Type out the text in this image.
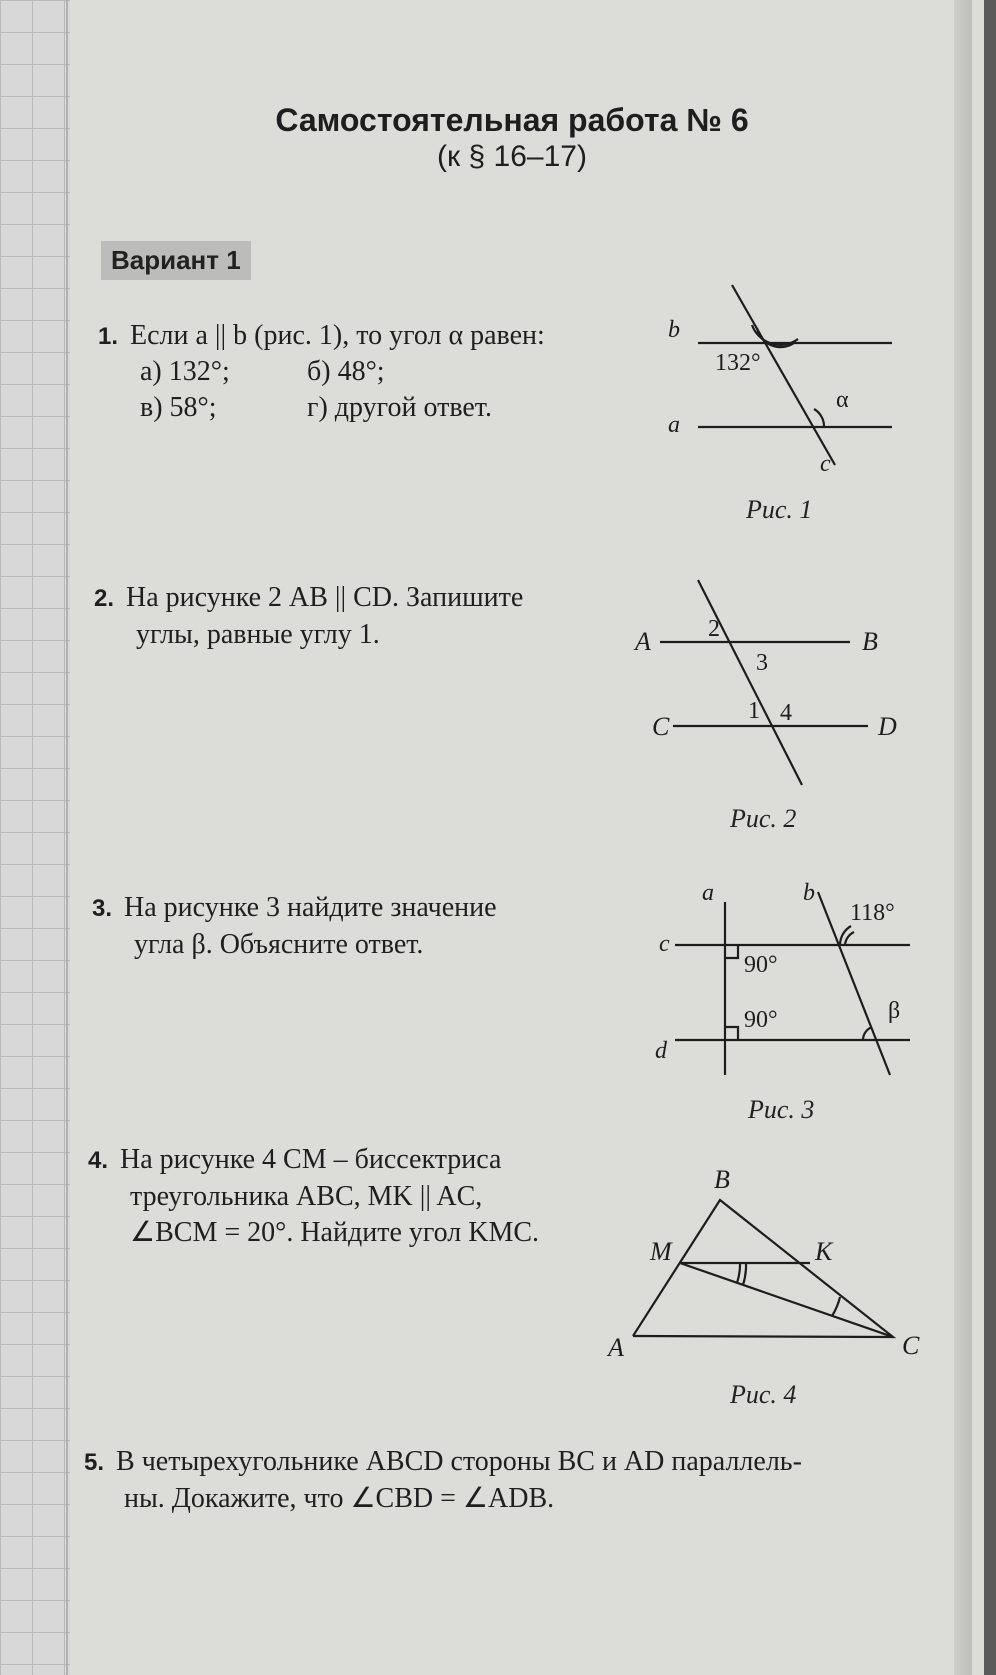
Самостоятельная работа № 6
(к § 16–17)
Вариант 1
1. Если a || b (рис. 1), то угол α равен:
а) 132°;	б) 48°;
в) 58°;	г) другой ответ.
b
a
132°
α
c
Рис. 1
2. На рисунке 2 AB || CD. Запишите
углы, равные углу 1.	A	B
C	D
2
3
1 4
Рис. 2
3. На рисунке 3 найдите значение
угла β. Объясните ответ.
a	b
c
d
118°
90°
90°	β
Рис. 3
4. На рисунке 4 CM – биссектриса
треугольника ABC, MK || AC,
∠BCM = 20°. Найдите угол KMC.
B
M	K
A	C
Рис. 4
5. В четырехугольнике ABCD стороны BC и AD параллель-
ны. Докажите, что ∠CBD = ∠ADB.
